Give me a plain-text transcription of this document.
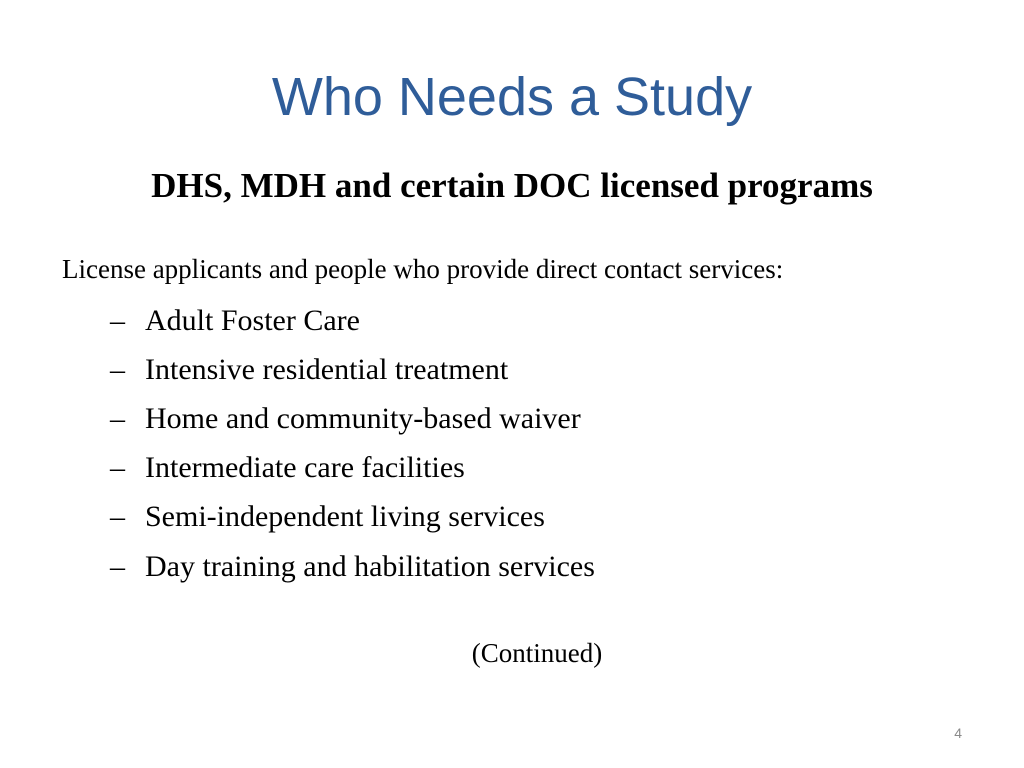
Who Needs a Study
DHS, MDH and certain DOC licensed programs
License applicants and people who provide direct contact services:
– Adult Foster Care
– Intensive residential treatment
– Home and community-based waiver
– Intermediate care facilities
– Semi-independent living services
– Day training and habilitation services
(Continued)
4
